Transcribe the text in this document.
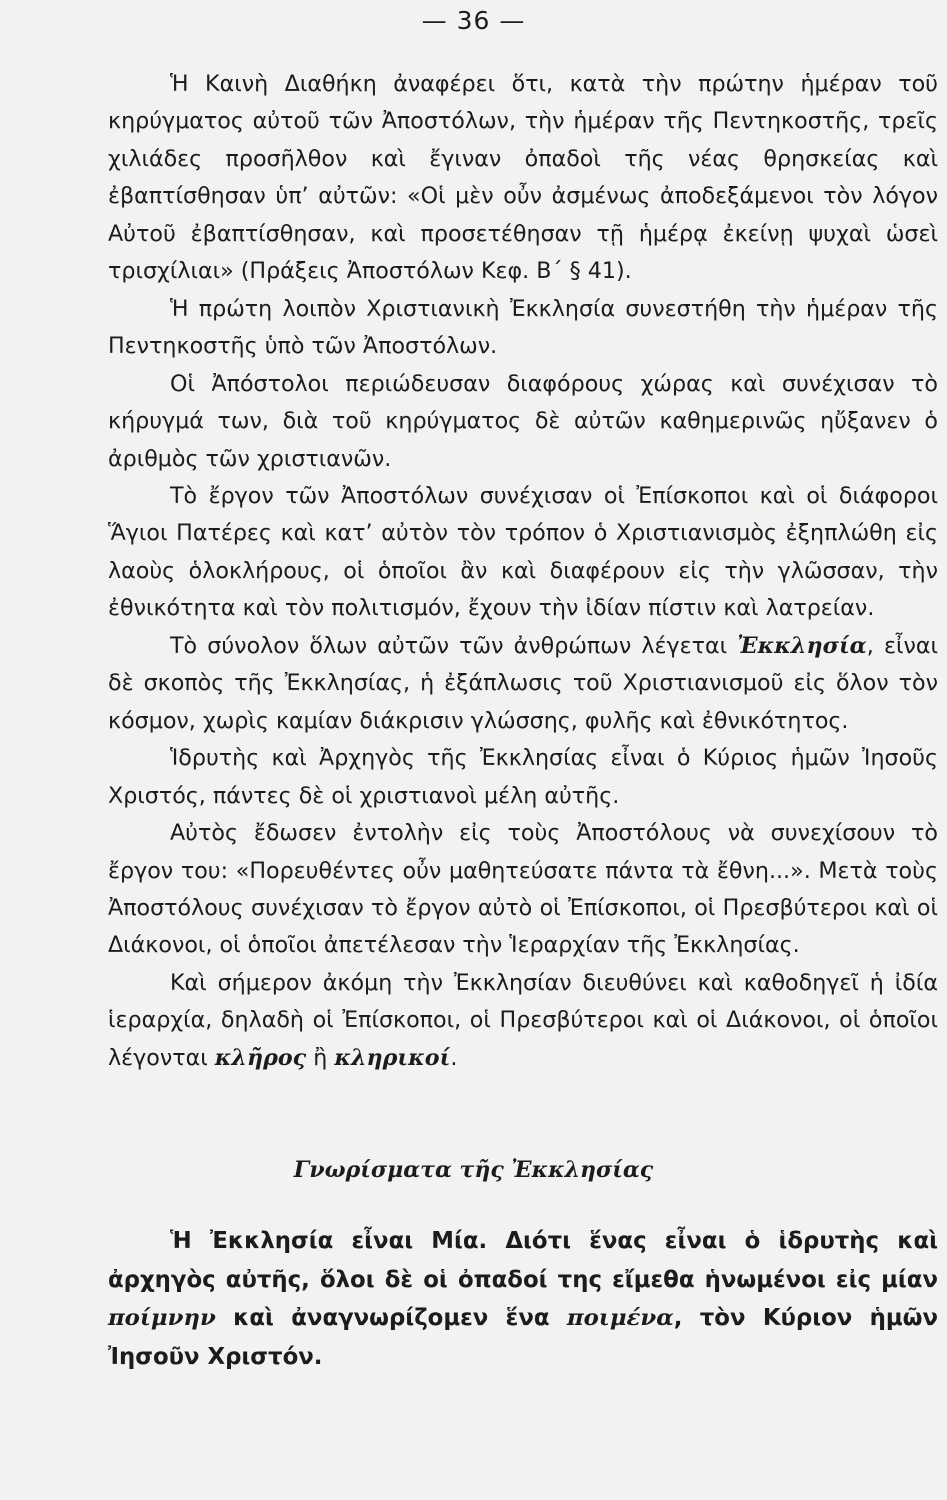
— 36 —

Ἡ Καινὴ Διαθήκη ἀναφέρει ὅτι, κατὰ τὴν πρώτην ἡμέραν τοῦ κηρύγματος αὐτοῦ τῶν Ἀποστόλων, τὴν ἡμέραν τῆς Πεντηκοστῆς, τρεῖς χιλιάδες προσῆλθον καὶ ἔγιναν ὀπαδοὶ τῆς νέας θρησκείας καὶ ἐβαπτίσθησαν ὑπ’ αὐτῶν: «Οἱ μὲν οὖν ἀσμένως ἀποδεξάμενοι τὸν λόγον Αὐτοῦ ἐβαπτίσθησαν, καὶ προσετέθησαν τῇ ἡμέρᾳ ἐκείνῃ ψυχαὶ ὡσεὶ τρισχίλιαι» (Πράξεις Ἀποστόλων Κεφ. Β΄ § 41).

Ἡ πρώτη λοιπὸν Χριστιανικὴ Ἐκκλησία συνεστήθη τὴν ἡμέραν τῆς Πεντηκοστῆς ὑπὸ τῶν Ἀποστόλων.

Οἱ Ἀπόστολοι περιώδευσαν διαφόρους χώρας καὶ συνέχισαν τὸ κήρυγμά των, διὰ τοῦ κηρύγματος δὲ αὐτῶν καθημερινῶς ηὔξανεν ὁ ἀριθμὸς τῶν χριστιανῶν.

Τὸ ἔργον τῶν Ἀποστόλων συνέχισαν οἱ Ἐπίσκοποι καὶ οἱ διάφοροι Ἅγιοι Πατέρες καὶ κατ’ αὐτὸν τὸν τρόπον ὁ Χριστιανισμὸς ἐξηπλώθη εἰς λαοὺς ὁλοκλήρους, οἱ ὁποῖοι ἂν καὶ διαφέρουν εἰς τὴν γλῶσσαν, τὴν ἐθνικότητα καὶ τὸν πολιτισμόν, ἔχουν τὴν ἰδίαν πίστιν καὶ λατρείαν.

Τὸ σύνολον ὅλων αὐτῶν τῶν ἀνθρώπων λέγεται Ἐκκλησία, εἶναι δὲ σκοπὸς τῆς Ἐκκλησίας, ἡ ἐξάπλωσις τοῦ Χριστιανισμοῦ εἰς ὅλον τὸν κόσμον, χωρὶς καμίαν διάκρισιν γλώσσης, φυλῆς καὶ ἐθνικότητος.

Ἱδρυτὴς καὶ Ἀρχηγὸς τῆς Ἐκκλησίας εἶναι ὁ Κύριος ἡμῶν Ἰησοῦς Χριστός, πάντες δὲ οἱ χριστιανοὶ μέλη αὐτῆς.

Αὐτὸς ἔδωσεν ἐντολὴν εἰς τοὺς Ἀποστόλους νὰ συνεχίσουν τὸ ἔργον του: «Πορευθέντες οὖν μαθητεύσατε πάντα τὰ ἔθνη...». Μετὰ τοὺς Ἀποστόλους συνέχισαν τὸ ἔργον αὐτὸ οἱ Ἐπίσκοποι, οἱ Πρεσβύτεροι καὶ οἱ Διάκονοι, οἱ ὁποῖοι ἀπετέλεσαν τὴν Ἱεραρχίαν τῆς Ἐκκλησίας.

Καὶ σήμερον ἀκόμη τὴν Ἐκκλησίαν διευθύνει καὶ καθοδηγεῖ ἡ ἰδία ἱεραρχία, δηλαδὴ οἱ Ἐπίσκοποι, οἱ Πρεσβύτεροι καὶ οἱ Διάκονοι, οἱ ὁποῖοι λέγονται κλῆρος ἢ κληρικοί.

Γνωρίσματα τῆς Ἐκκλησίας

Ἡ Ἐκκλησία εἶναι Μία. Διότι ἕνας εἶναι ὁ ἱδρυτὴς καὶ ἀρχηγὸς αὐτῆς, ὅλοι δὲ οἱ ὀπαδοί της εἴμεθα ἡνωμένοι εἰς μίαν ποίμνην καὶ ἀναγνωρίζομεν ἕνα ποιμένα, τὸν Κύριον ἡμῶν Ἰησοῦν Χριστόν.
